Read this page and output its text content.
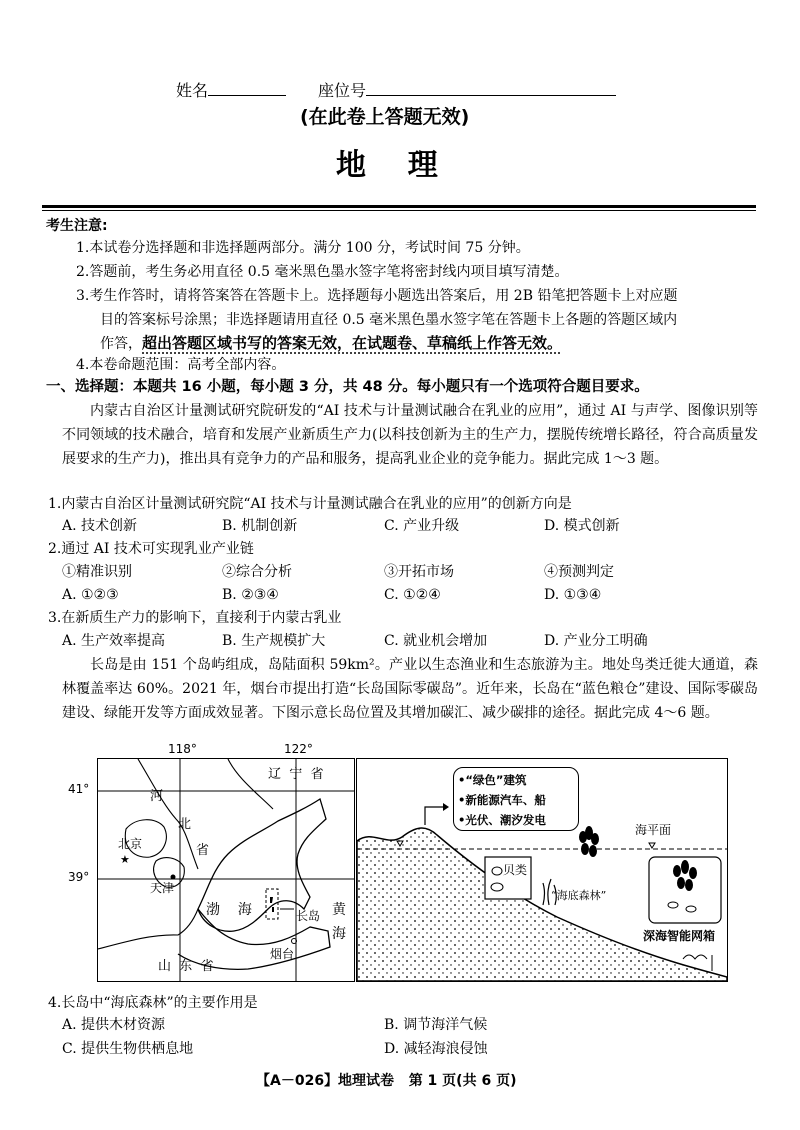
姓名	座位号
(在此卷上答题无效)
地    理
考生注意:
1.本试卷分选择题和非选择题两部分。满分 100 分，考试时间 75 分钟。
2.答题前，考生务必用直径 0.5 毫米黑色墨水签字笔将密封线内项目填写清楚。
3.考生作答时，请将答案答在答题卡上。选择题每小题选出答案后，用 2B 铅笔把答题卡上对应题
目的答案标号涂黑；非选择题请用直径 0.5 毫米黑色墨水签字笔在答题卡上各题的答题区域内
作答，超出答题区域书写的答案无效，在试题卷、草稿纸上作答无效。
4.本卷命题范围：高考全部内容。
一、选择题：本题共 16 小题，每小题 3 分，共 48 分。每小题只有一个选项符合题目要求。
内蒙古自治区计量测试研究院研发的“AI 技术与计量测试融合在乳业的应用”，通过 AI 与声学、图像识别等不同领域的技术融合，培育和发展产业新质生产力(以科技创新为主的生产力，摆脱传统增长路径，符合高质量发展要求的生产力)，推出具有竞争力的产品和服务，提高乳业企业的竞争能力。据此完成 1～3 题。
1.内蒙古自治区计量测试研究院“AI 技术与计量测试融合在乳业的应用”的创新方向是
A. 技术创新	B. 机制创新	C. 产业升级	D. 模式创新
2.通过 AI 技术可实现乳业产业链
①精准识别	②综合分析	③开拓市场	④预测判定
A. ①②③	B. ②③④	C. ①②④	D. ①③④
3.在新质生产力的影响下，直接利于内蒙古乳业
A. 生产效率提高	B. 生产规模扩大	C. 就业机会增加	D. 产业分工明确
长岛是由 151 个岛屿组成，岛陆面积 59km²。产业以生态渔业和生态旅游为主。地处鸟类迁徙大通道，森林覆盖率达 60%。2021 年，烟台市提出打造“长岛国际零碳岛”。近年来，长岛在“蓝色粮仓”建设、国际零碳岛建设、绿能开发等方面成效显著。下图示意长岛位置及其增加碳汇、减少碳排的途径。据此完成 4～6 题。
★
辽 宁 省
河
北
省
北京
天津
渤 海	长岛 黄
海
烟台
山 东 省
118°	122°
41°
39°
•“绿色”建筑
•新能源汽车、船
•光伏、潮汐发电
海平面
贝类
“海底森林”
深海智能网箱
4.长岛中“海底森林”的主要作用是
A. 提供木材资源	B. 调节海洋气候
C. 提供生物供栖息地	D. 减轻海浪侵蚀
【A－026】地理试卷 第 1 页(共 6 页)
